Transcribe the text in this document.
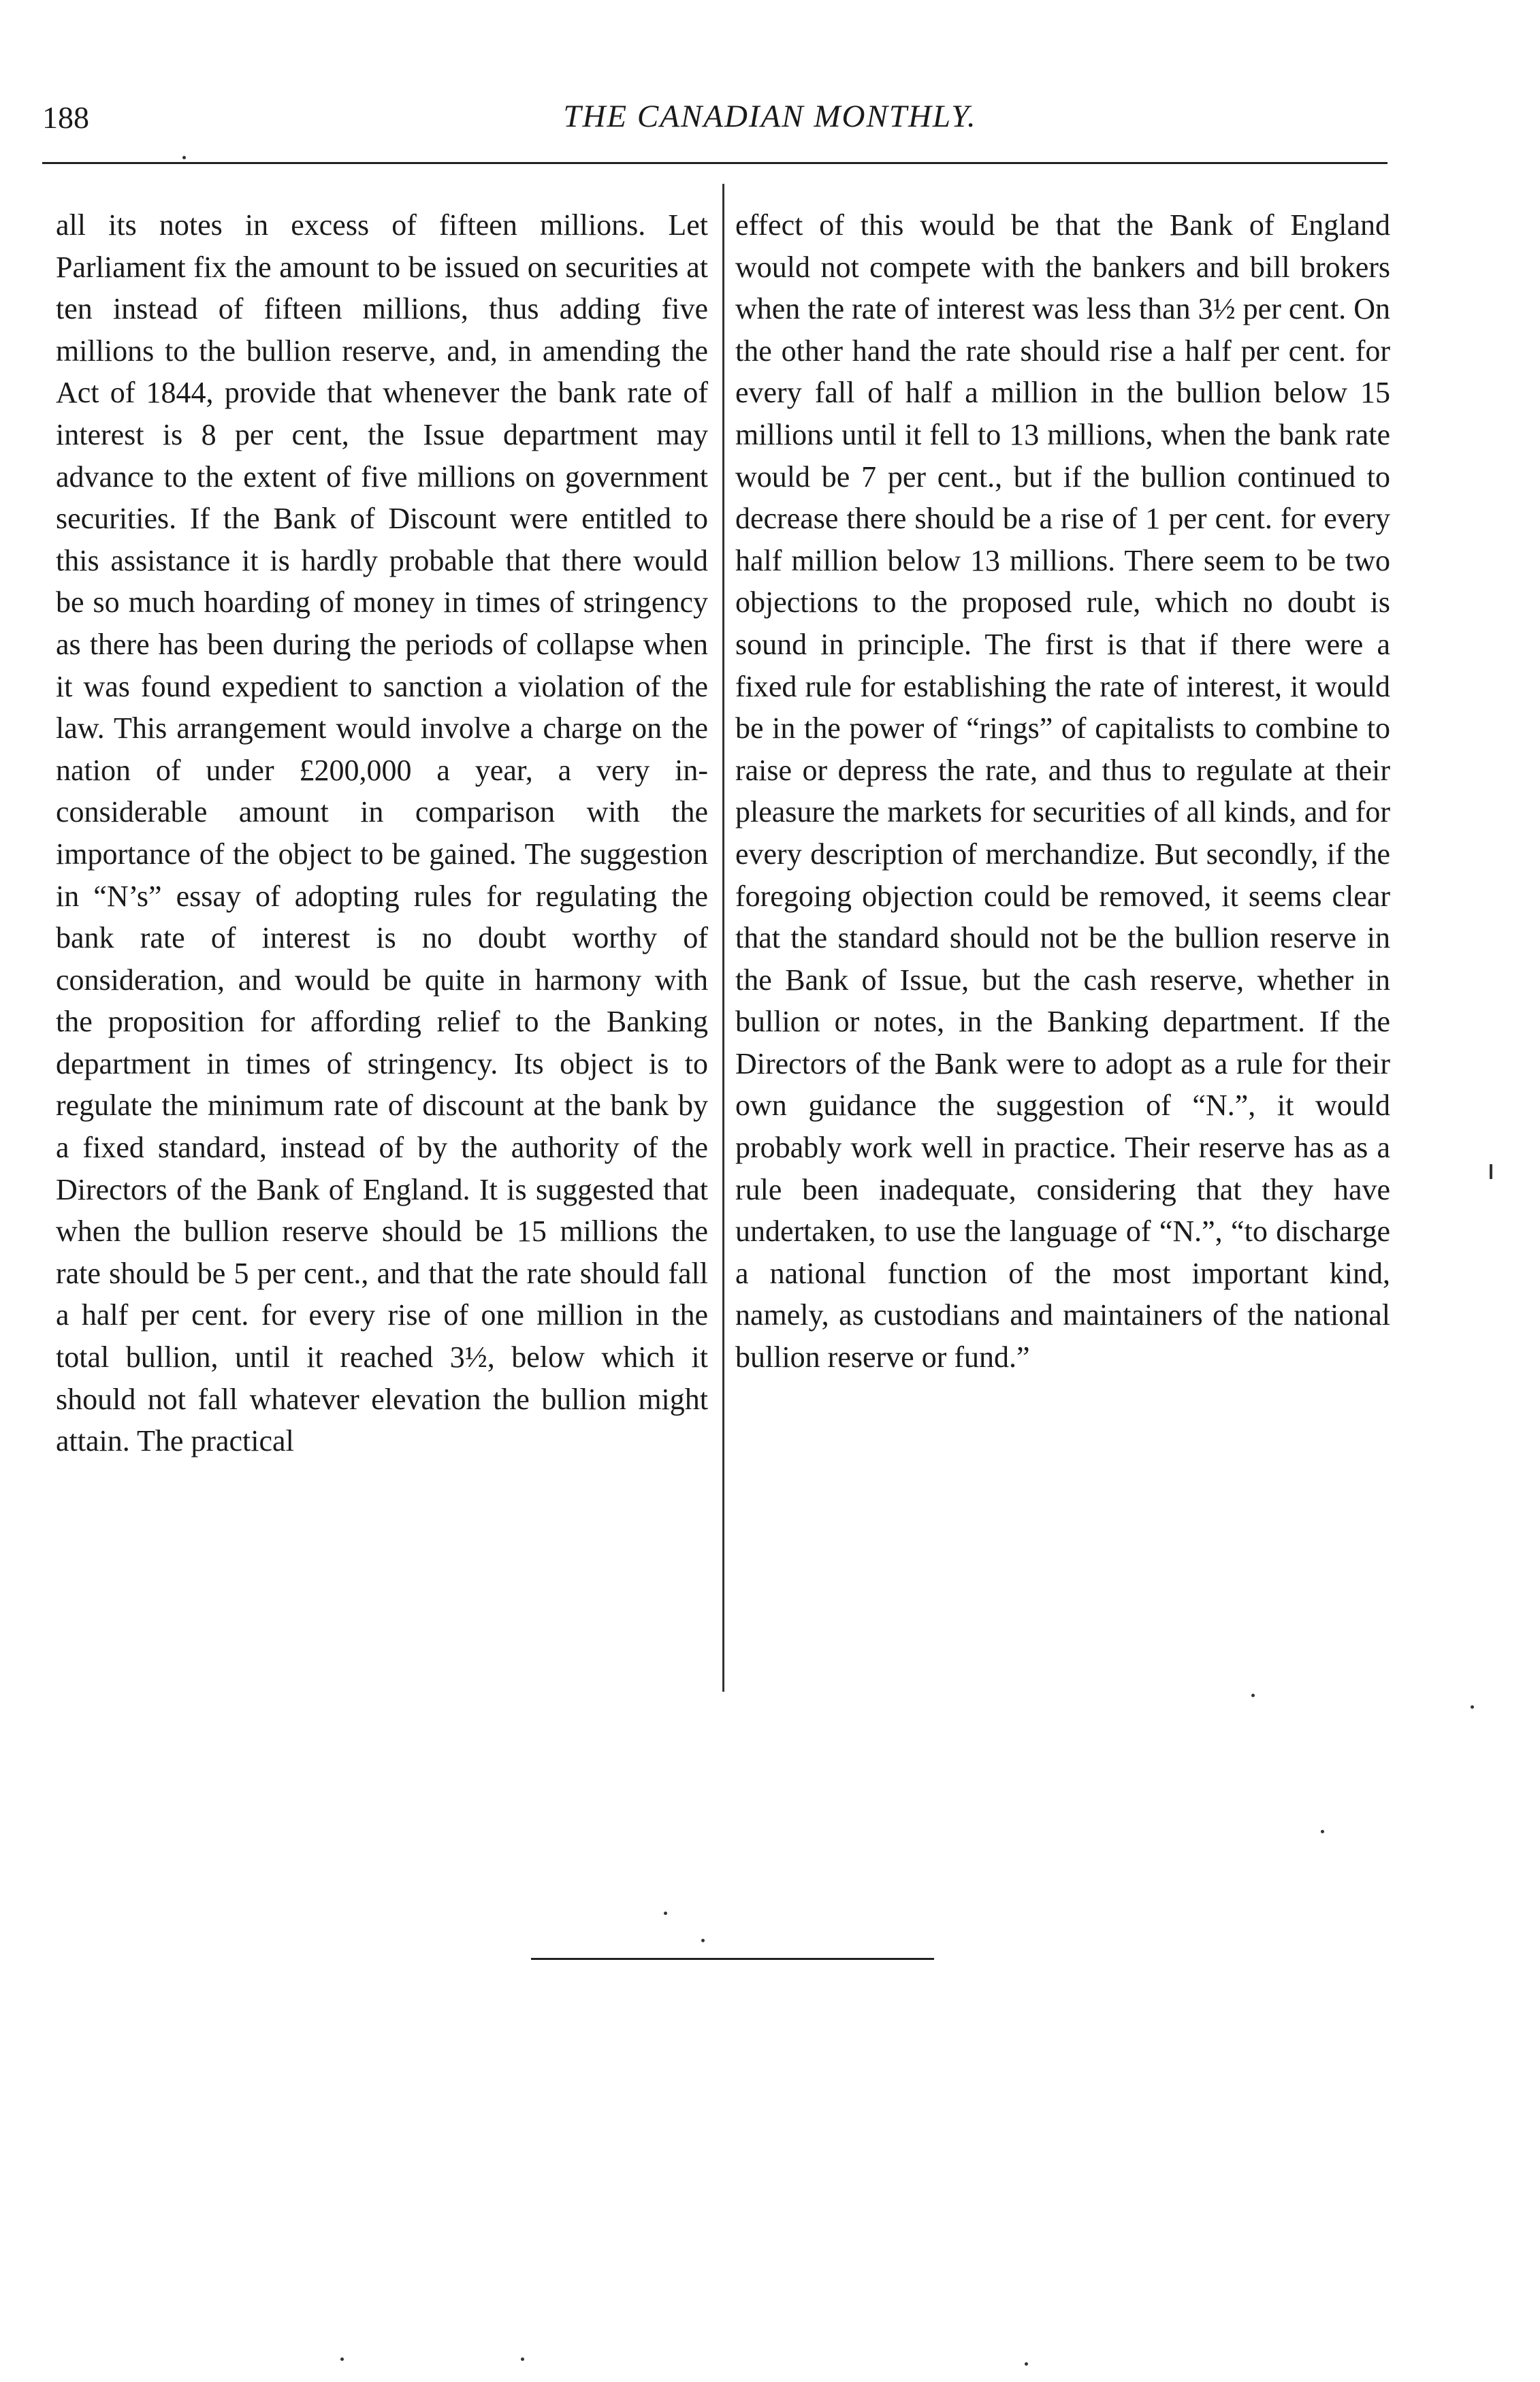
188	THE CANADIAN MONTHLY.

all its notes in excess of fifteen millions. Let Parliament fix the amount to be issued on securities at ten instead of fifteen millions, thus adding five millions to the bullion reserve, and, in amending the Act of 1844, provide that whenever the bank rate of interest is 8 per cent, the Issue department may advance to the extent of five millions on government securities. If the Bank of Discount were entitled to this assistance it is hardly probable that there would be so much hoarding of money in times of stringency as there has been during the periods of collapse when it was found expedient to sanction a violation of the law. This arrangement would involve a charge on the nation of under £200,000 a year, a very inconsiderable amount in comparison with the importance of the object to be gained. The suggestion in “N’s” essay of adopting rules for regulating the bank rate of interest is no doubt worthy of consideration, and would be quite in harmony with the proposition for affording relief to the Banking department in times of stringency. Its object is to regulate the minimum rate of discount at the bank by a fixed standard, instead of by the authority of the Directors of the Bank of England. It is suggested that when the bullion reserve should be 15 millions the rate should be 5 per cent., and that the rate should fall a half per cent. for every rise of one million in the total bullion, until it reached 3½, below which it should not fall whatever elevation the bullion might attain. The practical

effect of this would be that the Bank of England would not compete with the bankers and bill brokers when the rate of interest was less than 3½ per cent. On the other hand the rate should rise a half per cent. for every fall of half a million in the bullion below 15 millions until it fell to 13 millions, when the bank rate would be 7 per cent., but if the bullion continued to decrease there should be a rise of 1 per cent. for every half million below 13 millions. There seem to be two objections to the proposed rule, which no doubt is sound in principle. The first is that if there were a fixed rule for establishing the rate of interest, it would be in the power of “rings” of capitalists to combine to raise or depress the rate, and thus to regulate at their pleasure the markets for securities of all kinds, and for every description of merchandize. But secondly, if the foregoing objection could be removed, it seems clear that the standard should not be the bullion reserve in the Bank of Issue, but the cash reserve, whether in bullion or notes, in the Banking department. If the Directors of the Bank were to adopt as a rule for their own guidance the suggestion of “N.”, it would probably work well in practice. Their reserve has as a rule been inadequate, considering that they have undertaken, to use the language of “N.”, “to discharge a national function of the most important kind, namely, as custodians and maintainers of the national bullion reserve or fund.”
